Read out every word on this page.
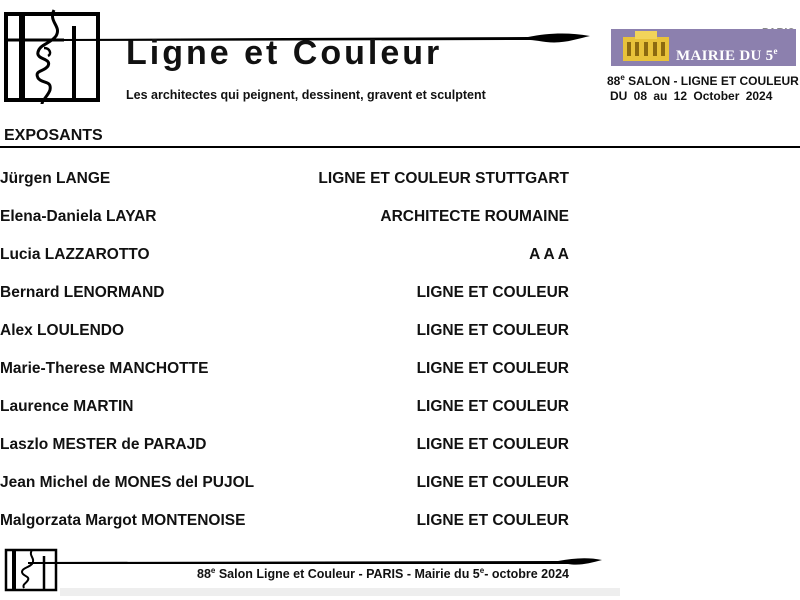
Ligne et Couleur
Les architectes qui peignent, dessinent, gravent et sculptent
MAIRIE DU 5e
88e SALON - LIGNE ET COULEUR
DU 08 au 12 October 2024
EXPOSANTS
Jürgen LANGE	LIGNE ET COULEUR STUTTGART
Elena-Daniela LAYAR	ARCHITECTE ROUMAINE
Lucia LAZZAROTTO	A A A
Bernard LENORMAND	LIGNE ET COULEUR
Alex LOULENDO	LIGNE ET COULEUR
Marie-Therese MANCHOTTE	LIGNE ET COULEUR
Laurence MARTIN	LIGNE ET COULEUR
Laszlo MESTER de PARAJD	LIGNE ET COULEUR
Jean Michel de MONES del PUJOL	LIGNE ET COULEUR
Malgorzata Margot MONTENOISE	LIGNE ET COULEUR
88e Salon Ligne et Couleur - PARIS - Mairie du 5e- octobre 2024
